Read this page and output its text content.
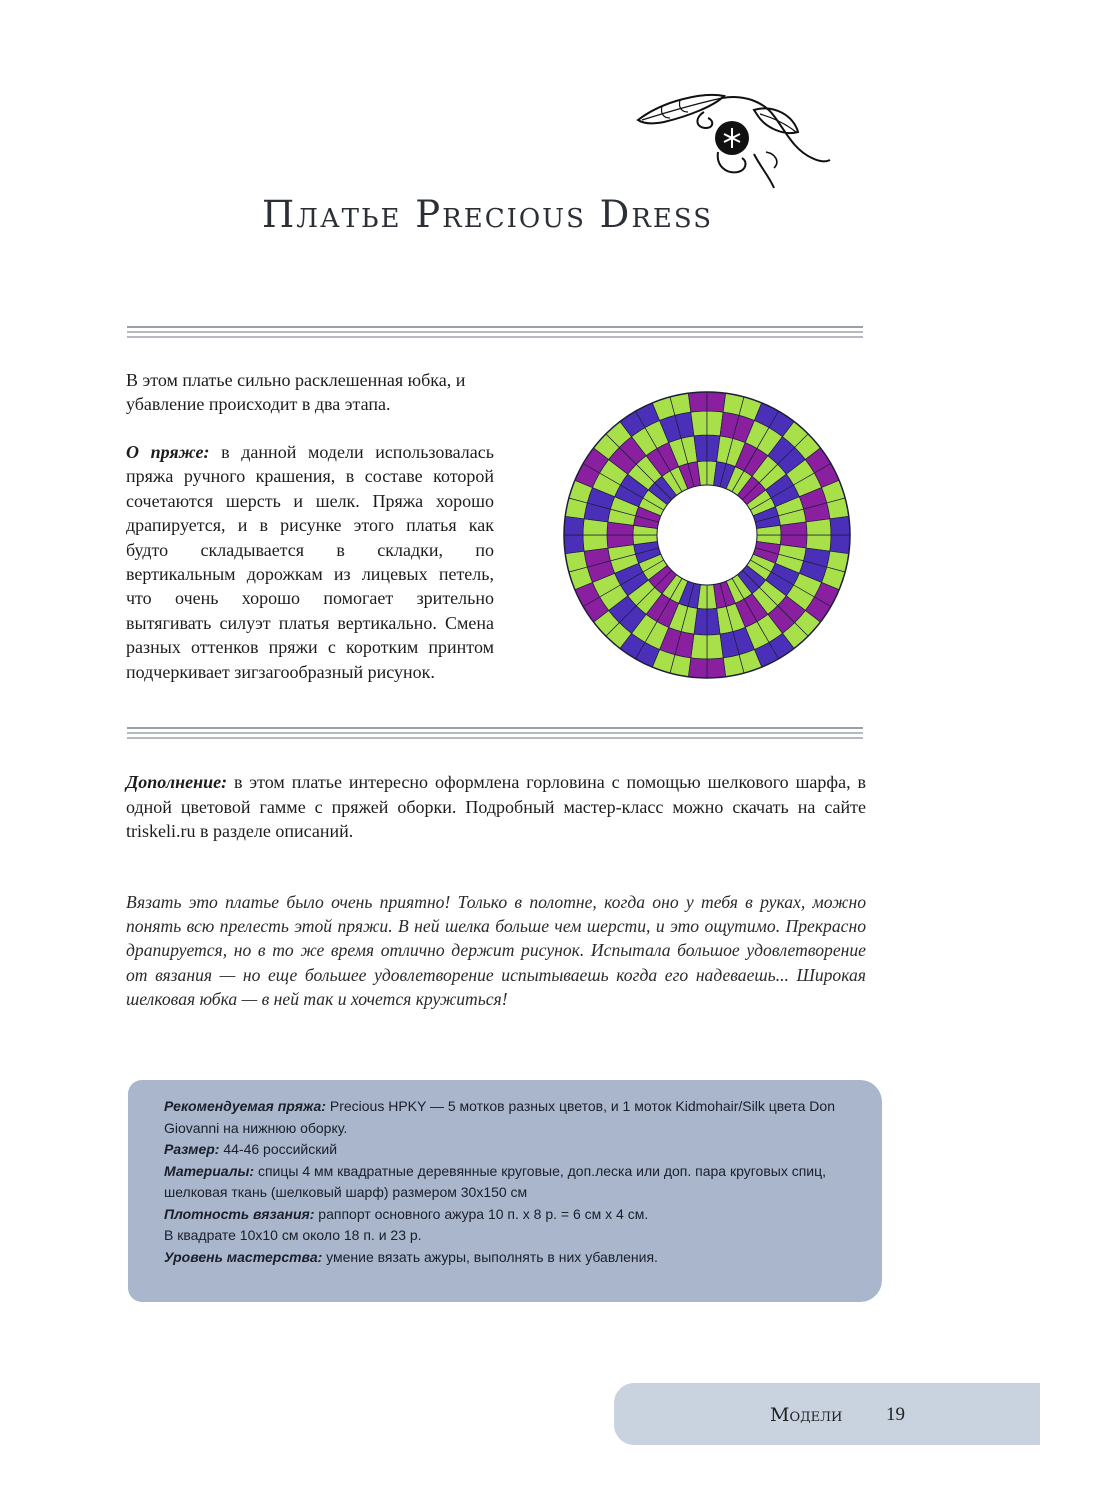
Платье Precious Dress
В этом платье сильно расклешенная юбка, и убавление происходит в два этапа.
О пряже: в данной модели использовалась пряжа ручного крашения, в составе которой сочетаются шерсть и шелк. Пряжа хорошо драпируется, и в рисунке этого платья как будто складывается в складки, по вертикальным дорожкам из лицевых петель, что очень хорошо помогает зрительно вытягивать силуэт платья вертикально. Смена разных оттенков пряжи с коротким принтом подчеркивает зигзагообразный рисунок.
Дополнение: в этом платье интересно оформлена горловина с помощью шелкового шарфа, в одной цветовой гамме с пряжей оборки. Подробный мастер-класс можно скачать на сайте triskeli.ru в разделе описаний.
Вязать это платье было очень приятно! Только в полотне, когда оно у тебя в руках, можно понять всю прелесть этой пряжи. В ней шелка больше чем шерсти, и это ощутимо. Прекрасно драпируется, но в то же время отлично держит рисунок. Испытала большое удовлетворение от вязания — но еще большее удовлетворение испытываешь когда его надеваешь... Широкая шелковая юбка — в ней так и хочется кружиться!

Рекомендуемая пряжа: Precious HPKY — 5 мотков разных цветов, и 1 моток Kidmohair/Silk цвета Don Giovanni на нижнюю оборку.

Размер: 44-46 российский

Материалы: спицы 4 мм квадратные деревянные круговые, доп.леска или доп. пара круговых спиц, шелковая ткань (шелковый шарф) размером 30х150 см

Плотность вязания: раппорт основного ажура 10 п. х 8 р. = 6 см х 4 см.

В квадрате 10х10 см около 18 п. и 23 р.

Уровень мастерства: умение вязать ажуры, выполнять в них убавления.

Модели 19
